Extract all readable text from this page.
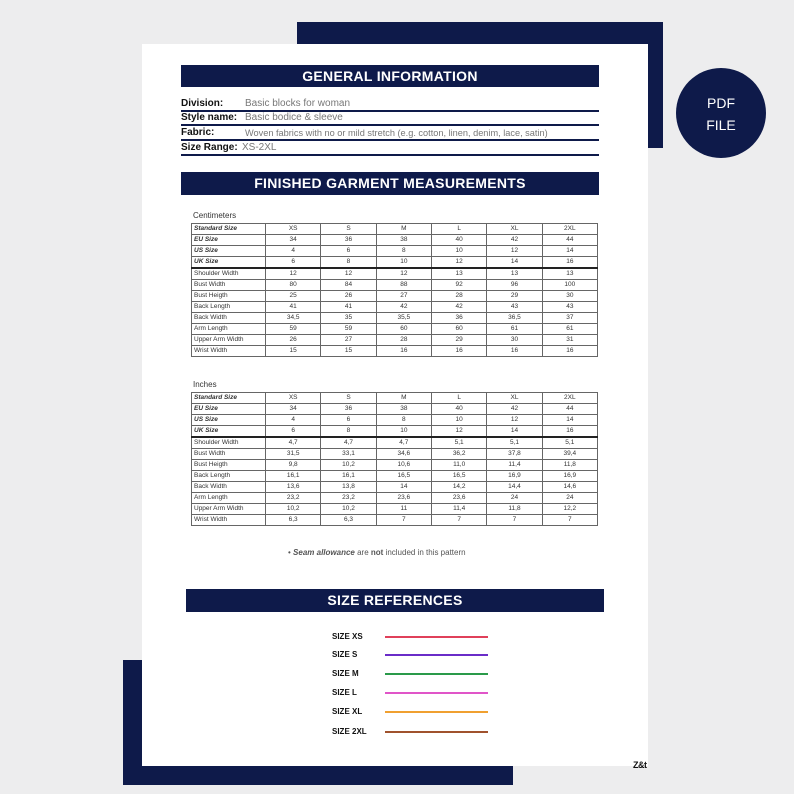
GENERAL INFORMATION
Division: Basic blocks for woman
Style name: Basic bodice & sleeve
Fabric:	Woven fabrics with no or mild stretch (e.g. cotton, linen, denim, lace, satin)
Size Range: XS-2XL
FINISHED GARMENT MEASUREMENTS
Centimeters
Standard Size	XS	S	M	L	XL	2XL
EU Size	34	36	38	40	42	44
US Size	4	6	8	10	12	14
UK Size	6	8	10	12	14	16
Shoulder Width	12	12	12	13	13	13
Bust Width	80	84	88	92	96	100
Bust Heigth	25	26	27	28	29	30
Back Length	41	41	42	42	43	43
Back Width	34,5	35	35,5	36	36,5	37
Arm Length	59	59	60	60	61	61
Upper Arm Width	26	27	28	29	30	31
Wrist Width	15	15	16	16	16	16
Inches
Standard Size	XS	S	M	L	XL	2XL
EU Size	34	36	38	40	42	44
US Size	4	6	8	10	12	14
UK Size	6	8	10	12	14	16
Shoulder Width	4,7	4,7	4,7	5,1	5,1	5,1
Bust Width	31,5	33,1	34,6	36,2	37,8	39,4
Bust Heigth	9,8	10,2	10,6	11,0	11,4	11,8
Back Length	16,1	16,1	16,5	16,5	16,9	16,9
Back Width	13,6	13,8	14	14,2	14,4	14,6
Arm Length	23,2	23,2	23,6	23,6	24	24
Upper Arm Width	10,2	10,2	11	11,4	11,8	12,2
Wrist Width	6,3	6,3	7	7	7	7
• Seam allowance are not included in this pattern
SIZE REFERENCES
SIZE XS
SIZE S
SIZE M
SIZE L
SIZE XL
SIZE 2XL
PDF
FILE
Z&t
